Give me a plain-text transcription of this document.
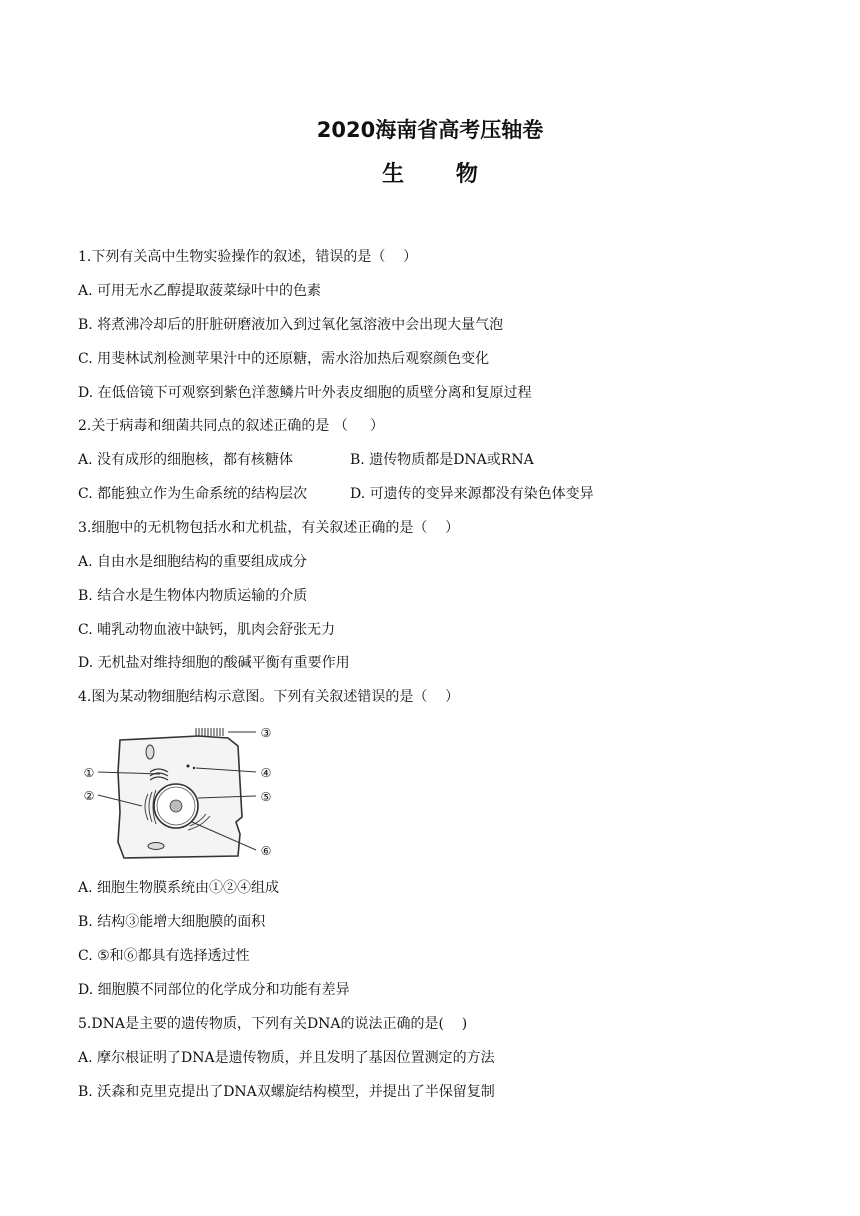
2020海南省高考压轴卷
生 物
1.下列有关高中生物实验操作的叙述，错误的是（    ）
A. 可用无水乙醇提取菠菜绿叶中的色素
B. 将煮沸冷却后的肝脏研磨液加入到过氧化氢溶液中会出现大量气泡
C. 用斐林试剂检测苹果汁中的还原糖，需水浴加热后观察颜色变化
D. 在低倍镜下可观察到紫色洋葱鳞片叶外表皮细胞的质壁分离和复原过程
2.关于病毒和细菌共同点的叙述正确的是 （     ）
A. 没有成形的细胞核，都有核糖体	B. 遗传物质都是DNA或RNA
C. 都能独立作为生命系统的结构层次	D. 可遗传的变异来源都没有染色体变异
3.细胞中的无机物包括水和尤机盐，有关叙述正确的是（    ）
A. 自由水是细胞结构的重要组成成分
B. 结合水是生物体内物质运输的介质
C. 哺乳动物血液中缺钙，肌肉会舒张无力
D. 无机盐对维持细胞的酸碱平衡有重要作用
4.图为某动物细胞结构示意图。下列有关叙述错误的是（    ）
①
②
③
④
⑤
⑥
A. 细胞生物膜系统由①②④组成
B. 结构③能增大细胞膜的面积
C. ⑤和⑥都具有选择透过性
D. 细胞膜不同部位的化学成分和功能有差异
5.DNA是主要的遗传物质，下列有关DNA的说法正确的是(    )
A. 摩尔根证明了DNA是遗传物质，并且发明了基因位置测定的方法
B. 沃森和克里克提出了DNA双螺旋结构模型，并提出了半保留复制
